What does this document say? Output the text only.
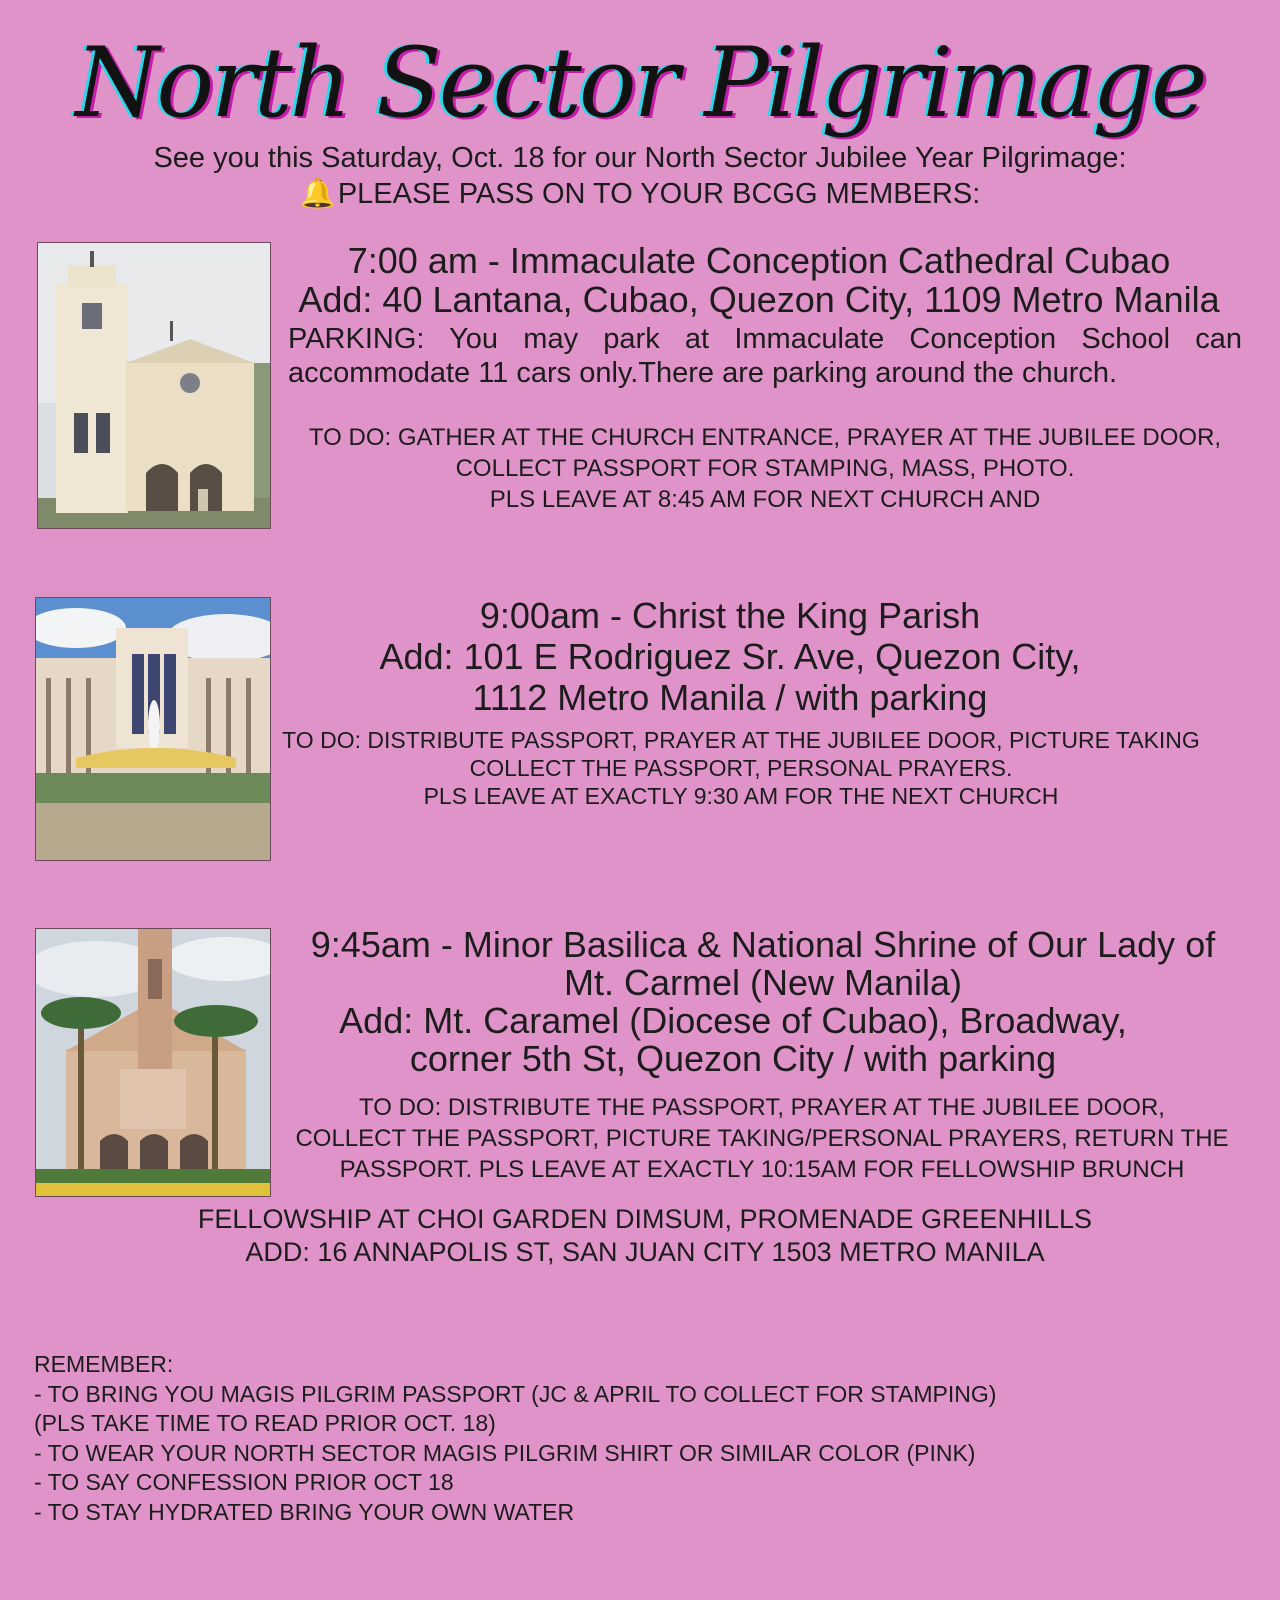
North Sector Pilgrimage
See you this Saturday, Oct. 18 for our North Sector Jubilee Year Pilgrimage:
🔔PLEASE PASS ON TO YOUR BCGG MEMBERS:
7:00 am - Immaculate Conception Cathedral Cubao
Add: 40 Lantana, Cubao, Quezon City, 1109 Metro Manila
PARKING: You may park at Immaculate Conception School can accommodate 11 cars only.There are parking around the church.
TO DO: GATHER AT THE CHURCH ENTRANCE, PRAYER AT THE JUBILEE DOOR,
COLLECT PASSPORT FOR STAMPING, MASS, PHOTO.
PLS LEAVE AT 8:45 AM FOR NEXT CHURCH AND
9:00am - Christ the King Parish
Add: 101 E Rodriguez Sr. Ave, Quezon City,
1112 Metro Manila / with parking
TO DO: DISTRIBUTE PASSPORT, PRAYER AT THE JUBILEE DOOR, PICTURE TAKING
COLLECT THE PASSPORT, PERSONAL PRAYERS.
PLS LEAVE AT EXACTLY 9:30 AM FOR THE NEXT CHURCH
9:45am - Minor Basilica & National Shrine of Our Lady of
Mt. Carmel (New Manila)
Add: Mt. Caramel (Diocese of Cubao), Broadway,
corner 5th St, Quezon City / with parking
TO DO: DISTRIBUTE THE PASSPORT, PRAYER AT THE JUBILEE DOOR,
COLLECT THE PASSPORT, PICTURE TAKING/PERSONAL PRAYERS, RETURN THE
PASSPORT. PLS LEAVE AT EXACTLY 10:15AM FOR FELLOWSHIP BRUNCH
FELLOWSHIP AT CHOI GARDEN DIMSUM, PROMENADE GREENHILLS
ADD: 16 ANNAPOLIS ST, SAN JUAN CITY 1503 METRO MANILA
REMEMBER:
- TO BRING YOU MAGIS PILGRIM PASSPORT (JC & APRIL TO COLLECT FOR STAMPING)
(PLS TAKE TIME TO READ PRIOR OCT. 18)
- TO WEAR YOUR NORTH SECTOR MAGIS PILGRIM SHIRT OR SIMILAR COLOR (PINK)
- TO SAY CONFESSION PRIOR OCT 18
- TO STAY HYDRATED BRING YOUR OWN WATER
